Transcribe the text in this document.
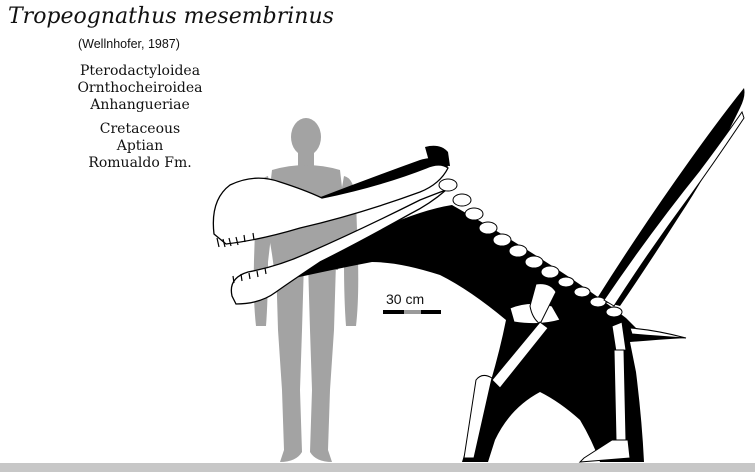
Tropeognathus mesembrinus
(Wellnhofer, 1987)
Pterodactyloidea
Ornthocheiroidea
Anhangueriae
Cretaceous
Aptian
Romualdo Fm.
30 cm
